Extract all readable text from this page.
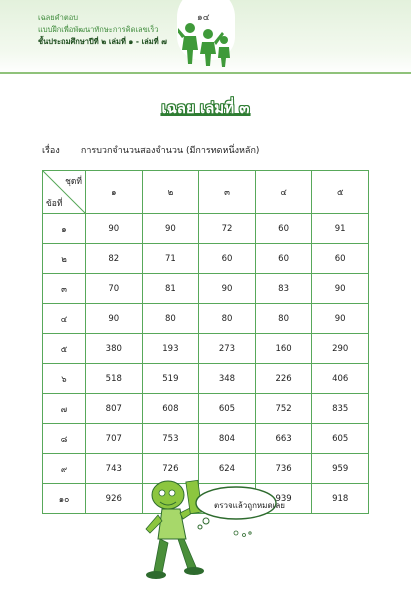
เฉลยคำตอบ
แบบฝึกเพื่อพัฒนาทักษะการคิดเลขเร็ว
ชั้นประถมศึกษาปีที่ ๒ เล่มที่ ๑ - เล่มที่ ๗
๑๔
เฉลย เล่มที่ ๓
เรื่อง การบวกจำนวนสองจำนวน (มีการทดหนึ่งหลัก)
ชุดที่
ข้อที่	๑	๒	๓	๔	๕
๑	90	90	72	60	91
๒	82	71	60	60	60
๓	70	81	90	83	90
๔	90	80	80	80	90
๕	380	193	273	160	290
๖	518	519	348	226	406
๗	807	608	605	752	835
๘	707	753	804	663	605
๙	743	726	624	736	959
๑๐	926			939	918
ตรวจแล้วถูกหมดเลย
